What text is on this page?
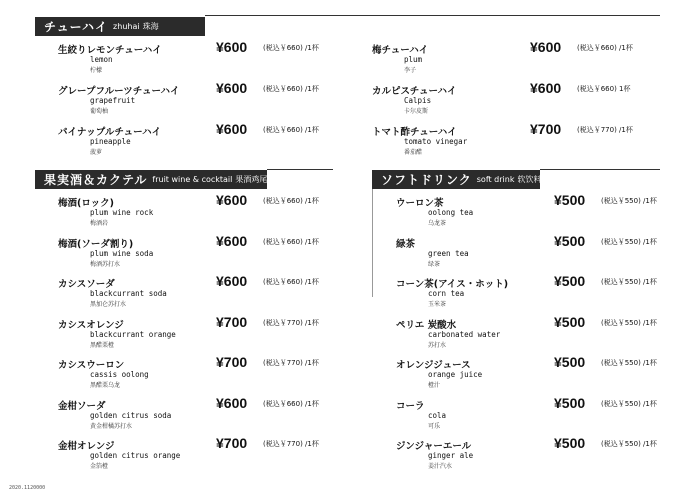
チューハイ zhuhai 珠海
生絞りレモンチューハイ
lemon
柠檬
¥600 (税込￥660) /1杯
グレープフルーツチューハイ
grapefruit
葡萄柚
¥600 (税込￥660) /1杯
パイナップルチューハイ
pineapple
菠萝
¥600 (税込￥660) /1杯
梅チューハイ
plum
李子
¥600 (税込￥660) /1杯
カルピスチューハイ
Calpis
卡尔皮斯
¥600 (税込￥660) 1杯
トマト酢チューハイ
tomato vinegar
番茄醋
¥700 (税込￥770) /1杯
果実酒＆カクテル fruit wine & cocktail 果酒鸡尾酒
梅酒(ロック)
plum wine rock
梅酒岩
¥600 (税込￥660) /1杯
梅酒(ソーダ割り)
plum wine soda
梅酒苏打水
¥600 (税込￥660) /1杯
カシスソーダ
blackcurrant soda
黑加仑苏打水
¥600 (税込￥660) /1杯
カシスオレンジ
blackcurrant orange
黑醋栗橙
¥700 (税込￥770) /1杯
カシスウーロン
cassis oolong
黑醋栗乌龙
¥700 (税込￥770) /1杯
金柑ソーダ
golden citrus soda
黄金柑橘苏打水
¥600 (税込￥660) /1杯
金柑オレンジ
golden citrus orange
金箔橙
¥700 (税込￥770) /1杯
ソフトドリンク soft drink 软饮料
ウーロン茶
oolong tea
乌龙茶
¥500 (税込￥550) /1杯
緑茶
green tea
绿茶
¥500 (税込￥550) /1杯
コーン茶(アイス・ホット)
corn tea
玉米茶
¥500 (税込￥550) /1杯
ペリエ 炭酸水
carbonated water
苏打水
¥500 (税込￥550) /1杯
オレンジジュース
orange juice
橙汁
¥500 (税込￥550) /1杯
コーラ
cola
可乐
¥500 (税込￥550) /1杯
ジンジャーエール
ginger ale
姜汁汽水
¥500 (税込￥550) /1杯
2020.1120000
